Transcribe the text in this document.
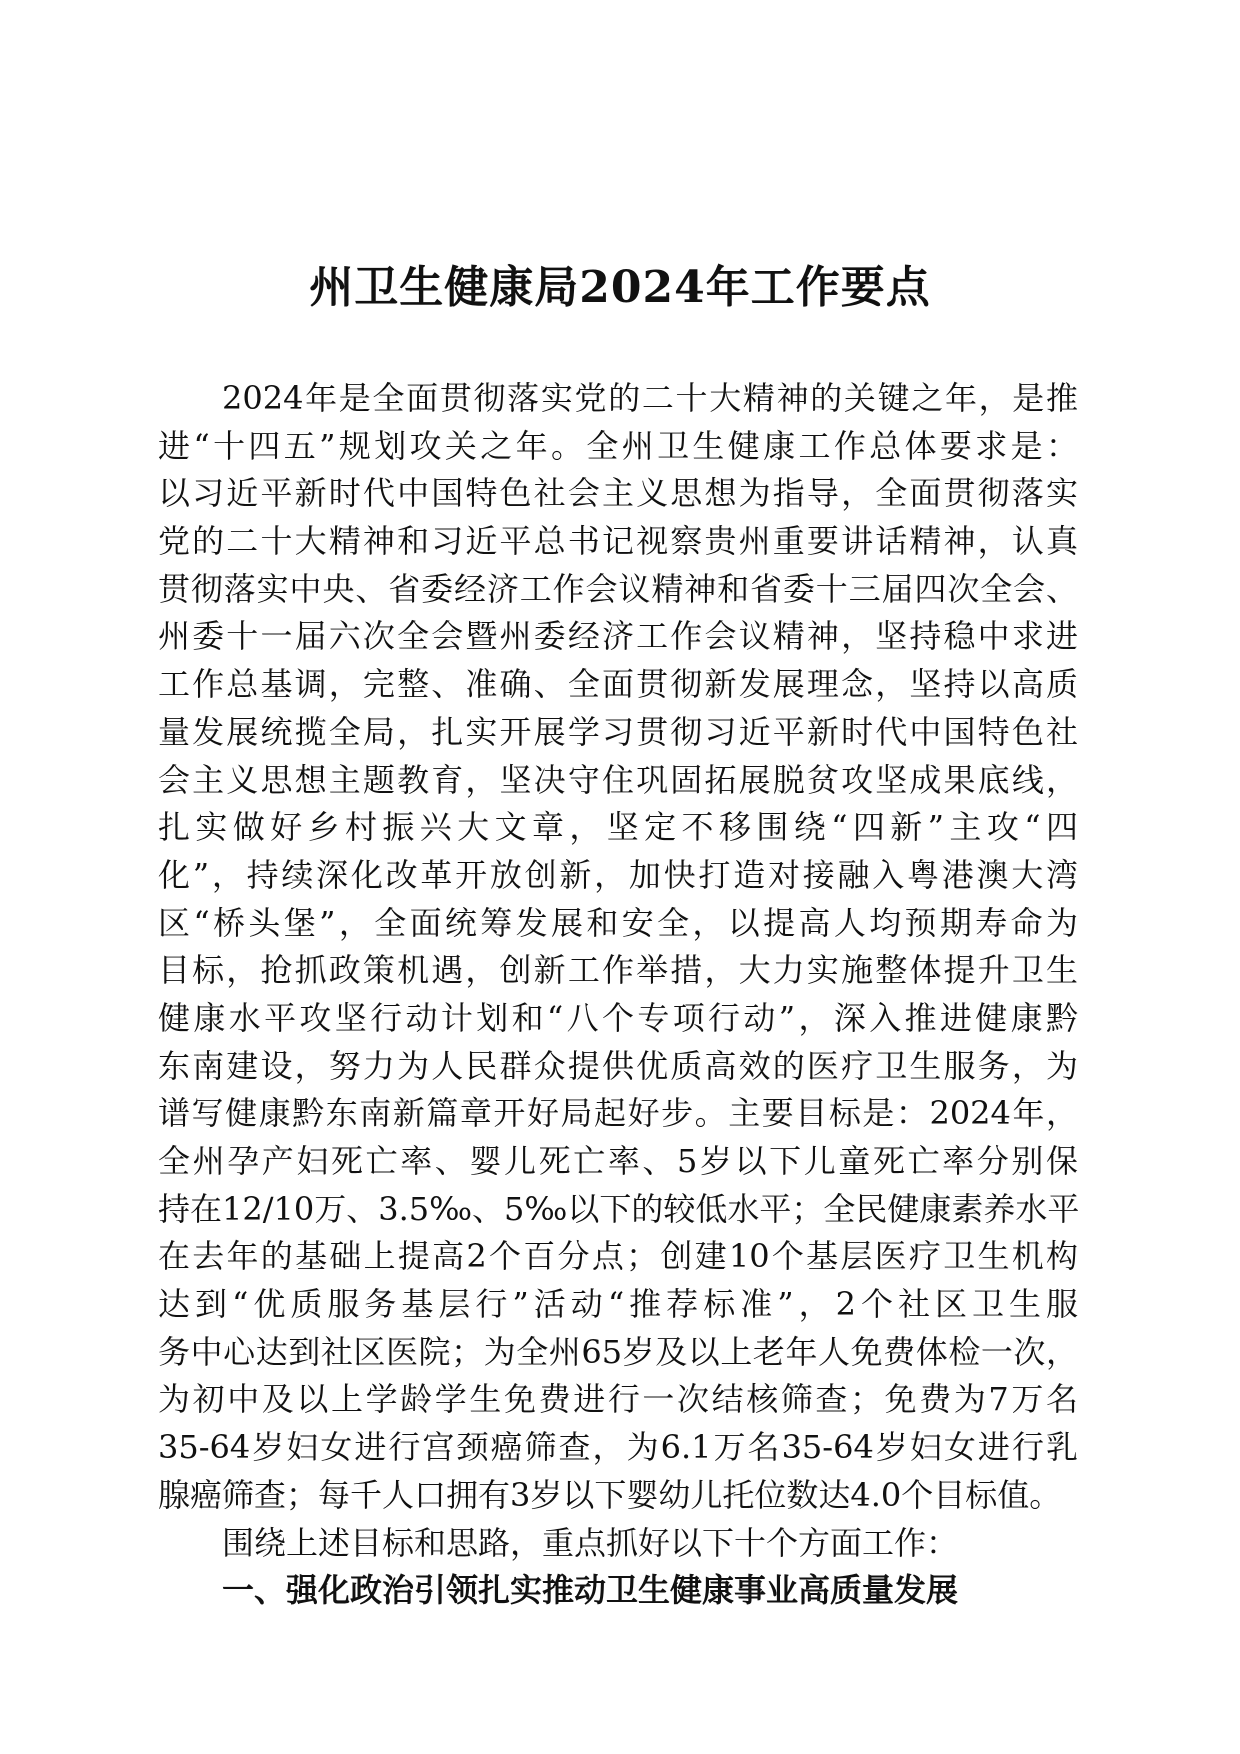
州卫生健康局2024年工作要点
2024年是全面贯彻落实党的二十大精神的关键之年，是推
进“十四五”规划攻关之年。全州卫生健康工作总体要求是：
以习近平新时代中国特色社会主义思想为指导，全面贯彻落实
党的二十大精神和习近平总书记视察贵州重要讲话精神，认真
贯彻落实中央、省委经济工作会议精神和省委十三届四次全会、
州委十一届六次全会暨州委经济工作会议精神，坚持稳中求进
工作总基调，完整、准确、全面贯彻新发展理念，坚持以高质
量发展统揽全局，扎实开展学习贯彻习近平新时代中国特色社
会主义思想主题教育，坚决守住巩固拓展脱贫攻坚成果底线，
扎实做好乡村振兴大文章，坚定不移围绕“四新”主攻“四
化”，持续深化改革开放创新，加快打造对接融入粤港澳大湾
区“桥头堡”，全面统筹发展和安全，以提高人均预期寿命为
目标，抢抓政策机遇，创新工作举措，大力实施整体提升卫生
健康水平攻坚行动计划和“八个专项行动”，深入推进健康黔
东南建设，努力为人民群众提供优质高效的医疗卫生服务，为
谱写健康黔东南新篇章开好局起好步。主要目标是：2024年，
全州孕产妇死亡率、婴儿死亡率、5岁以下儿童死亡率分别保
持在12/10万、3.5‰、5‰以下的较低水平；全民健康素养水平
在去年的基础上提高2个百分点；创建10个基层医疗卫生机构
达到“优质服务基层行”活动“推荐标准”，2个社区卫生服
务中心达到社区医院；为全州65岁及以上老年人免费体检一次，
为初中及以上学龄学生免费进行一次结核筛查；免费为7万名
35-64岁妇女进行宫颈癌筛查，为6.1万名35-64岁妇女进行乳
腺癌筛查；每千人口拥有3岁以下婴幼儿托位数达4.0个目标值。
围绕上述目标和思路，重点抓好以下十个方面工作：
一、强化政治引领扎实推动卫生健康事业高质量发展
